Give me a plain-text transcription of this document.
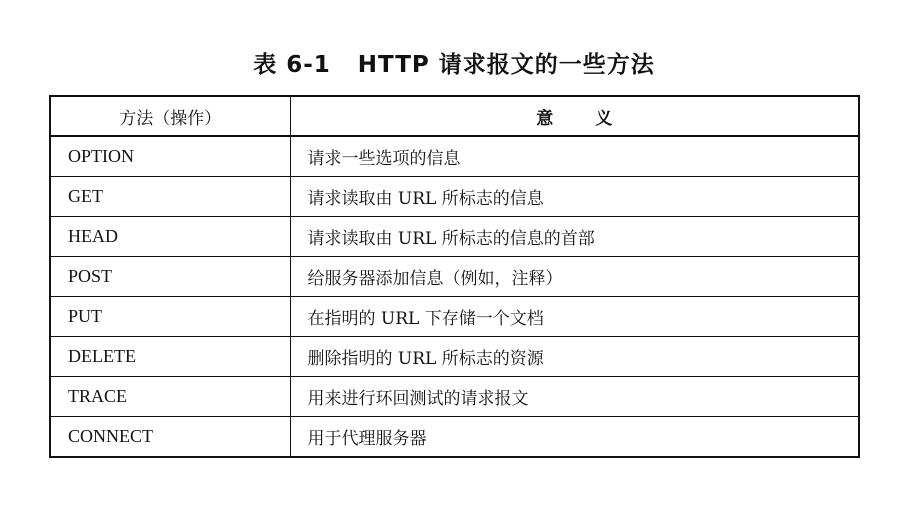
表 6-1   HTTP 请求报文的一些方法
方法（操作）	意义
OPTION	请求一些选项的信息
GET	请求读取由 URL 所标志的信息
HEAD	请求读取由 URL 所标志的信息的首部
POST	给服务器添加信息（例如，注释）
PUT	在指明的 URL 下存储一个文档
DELETE	删除指明的 URL 所标志的资源
TRACE	用来进行环回测试的请求报文
CONNECT	用于代理服务器
